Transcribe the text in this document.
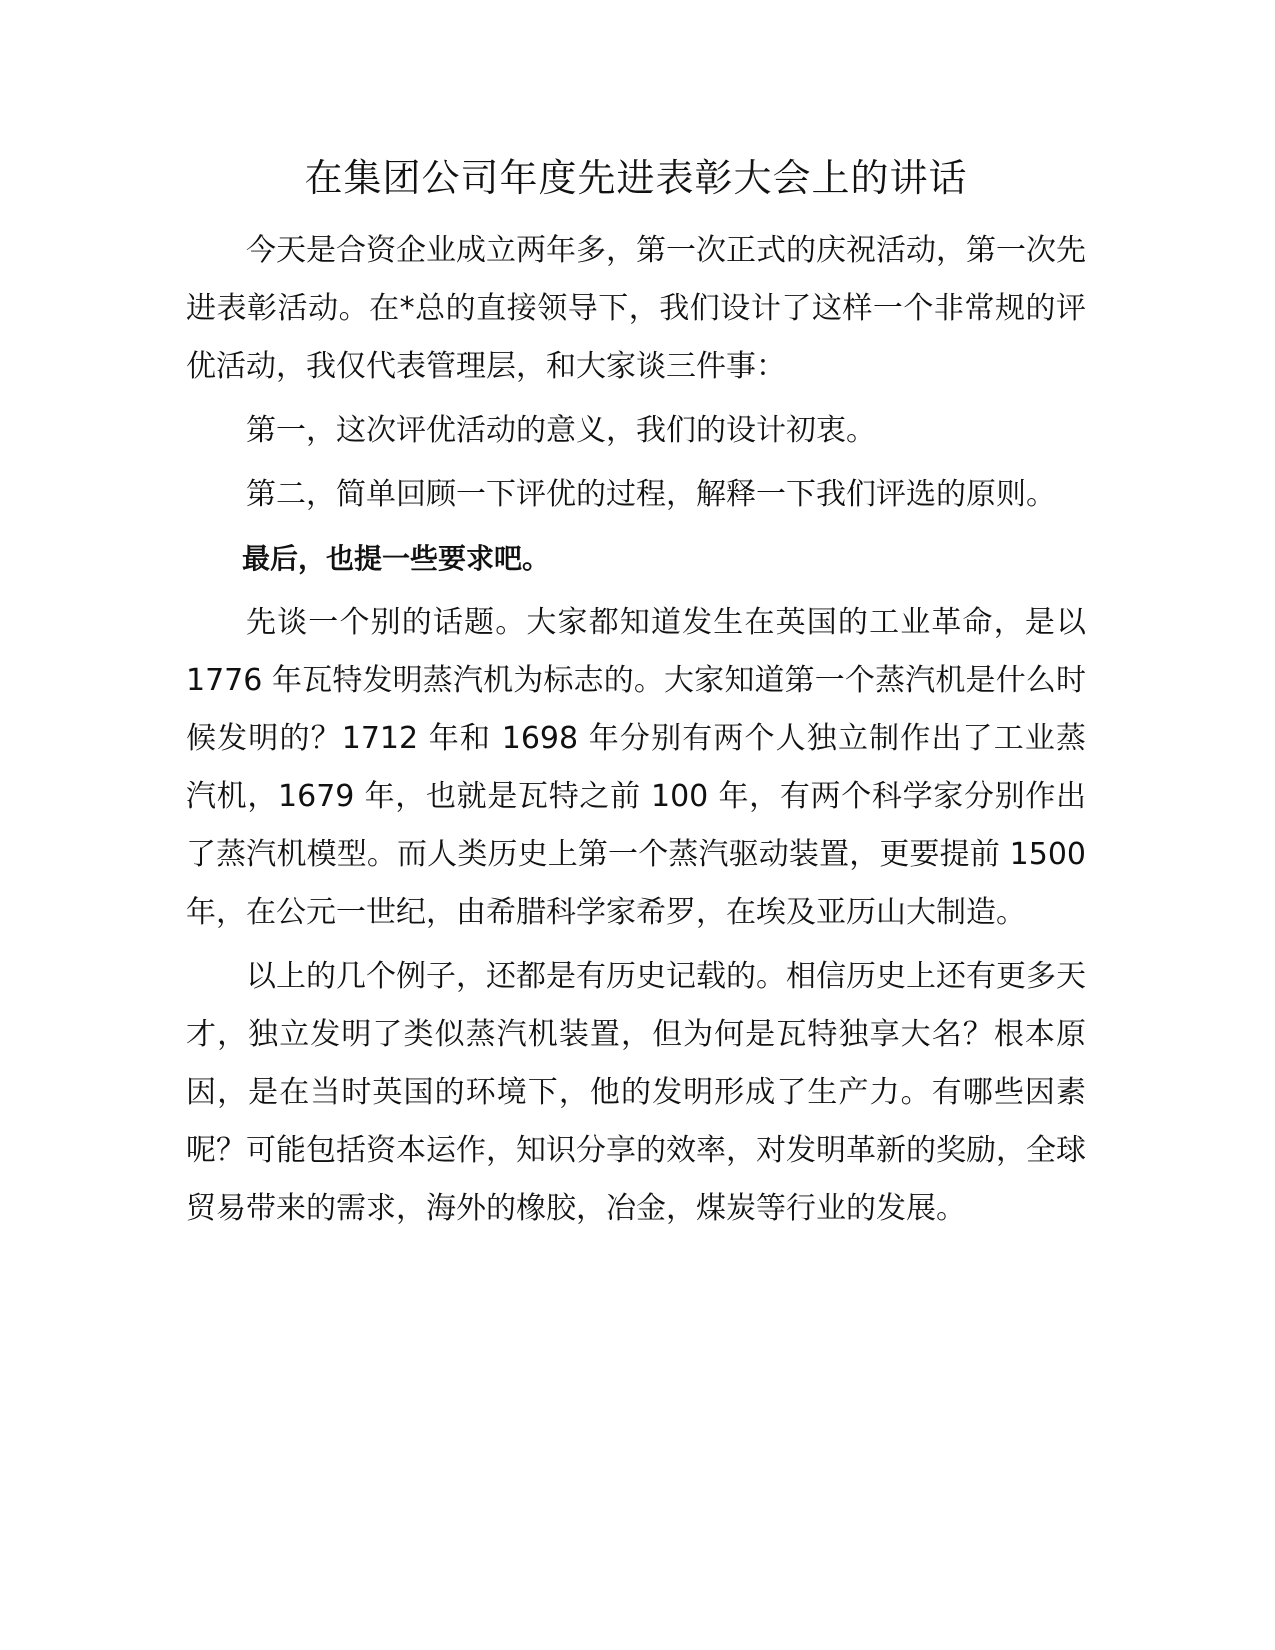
在集团公司年度先进表彰大会上的讲话

今天是合资企业成立两年多，第一次正式的庆祝活动，第一次先进表彰活动。在*总的直接领导下，我们设计了这样一个非常规的评优活动，我仅代表管理层，和大家谈三件事：

第一，这次评优活动的意义，我们的设计初衷。

第二，简单回顾一下评优的过程，解释一下我们评选的原则。

最后，也提一些要求吧。

先谈一个别的话题。大家都知道发生在英国的工业革命，是以 1776 年瓦特发明蒸汽机为标志的。大家知道第一个蒸汽机是什么时候发明的？1712 年和 1698 年分别有两个人独立制作出了工业蒸汽机，1679 年，也就是瓦特之前 100 年，有两个科学家分别作出了蒸汽机模型。而人类历史上第一个蒸汽驱动装置，更要提前 1500 年，在公元一世纪，由希腊科学家希罗，在埃及亚历山大制造。

以上的几个例子，还都是有历史记载的。相信历史上还有更多天才，独立发明了类似蒸汽机装置，但为何是瓦特独享大名？根本原因，是在当时英国的环境下，他的发明形成了生产力。有哪些因素呢？可能包括资本运作，知识分享的效率，对发明革新的奖励，全球贸易带来的需求，海外的橡胶，冶金，煤炭等行业的发展。
